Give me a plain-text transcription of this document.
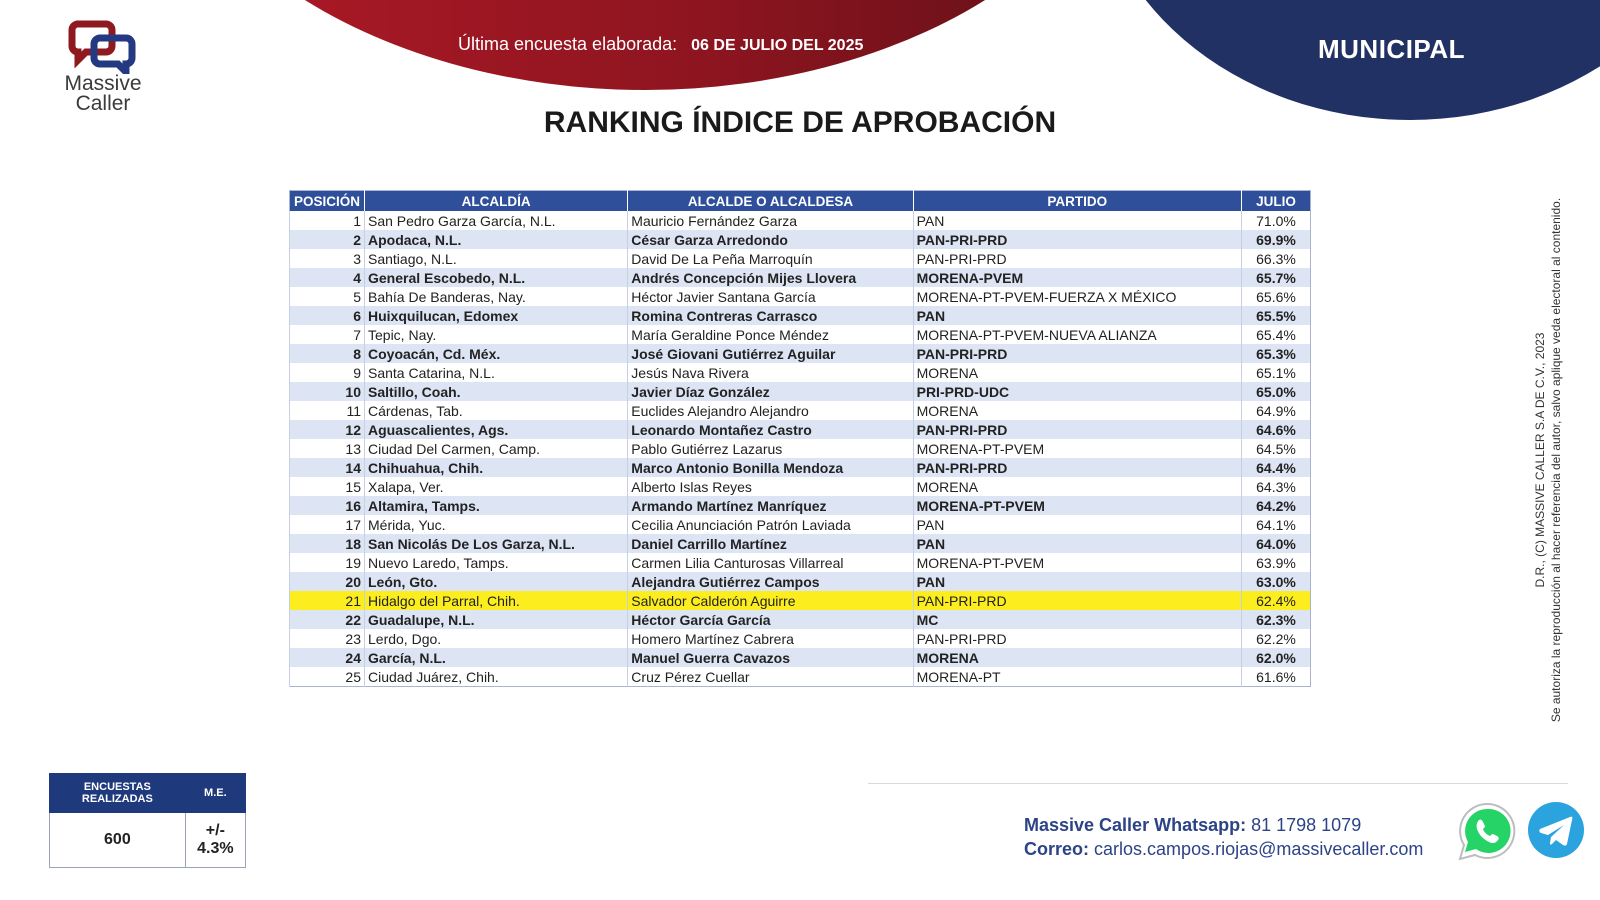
Última encuesta elaborada: 06 DE JULIO DEL 2025	MUNICIPAL
Massive
Caller
RANKING ÍNDICE DE APROBACIÓN
POSICIÓN	ALCALDÍA	ALCALDE O ALCALDESA	PARTIDO	JULIO
1	San Pedro Garza García, N.L.	Mauricio Fernández Garza	PAN	71.0%
2	Apodaca, N.L.	César Garza Arredondo	PAN-PRI-PRD	69.9%
3	Santiago, N.L.	David De La Peña Marroquín	PAN-PRI-PRD	66.3%
4	General Escobedo, N.L.	Andrés Concepción Mijes Llovera	MORENA-PVEM	65.7%
5	Bahía De Banderas, Nay.	Héctor Javier Santana García	MORENA-PT-PVEM-FUERZA X MÉXICO	65.6%
6	Huixquilucan, Edomex	Romina Contreras Carrasco	PAN	65.5%
7	Tepic, Nay.	María Geraldine Ponce Méndez	MORENA-PT-PVEM-NUEVA ALIANZA	65.4%
8	Coyoacán, Cd. Méx.	José Giovani Gutiérrez Aguilar	PAN-PRI-PRD	65.3%
9	Santa Catarina, N.L.	Jesús Nava Rivera	MORENA	65.1%
10	Saltillo, Coah.	Javier Díaz González	PRI-PRD-UDC	65.0%
11	Cárdenas, Tab.	Euclides Alejandro Alejandro	MORENA	64.9%
12	Aguascalientes, Ags.	Leonardo Montañez Castro	PAN-PRI-PRD	64.6%
13	Ciudad Del Carmen, Camp.	Pablo Gutiérrez Lazarus	MORENA-PT-PVEM	64.5%
14	Chihuahua, Chih.	Marco Antonio Bonilla Mendoza	PAN-PRI-PRD	64.4%
15	Xalapa, Ver.	Alberto Islas Reyes	MORENA	64.3%
16	Altamira, Tamps.	Armando Martínez Manríquez	MORENA-PT-PVEM	64.2%
17	Mérida, Yuc.	Cecilia Anunciación Patrón Laviada	PAN	64.1%
18	San Nicolás De Los Garza, N.L.	Daniel Carrillo Martínez	PAN	64.0%
19	Nuevo Laredo, Tamps.	Carmen Lilia Canturosas Villarreal	MORENA-PT-PVEM	63.9%
20	León, Gto.	Alejandra Gutiérrez Campos	PAN	63.0%
21	Hidalgo del Parral, Chih.	Salvador Calderón Aguirre	PAN-PRI-PRD	62.4%
22	Guadalupe, N.L.	Héctor García García	MC	62.3%
23	Lerdo, Dgo.	Homero Martínez Cabrera	PAN-PRI-PRD	62.2%
24	García, N.L.	Manuel Guerra Cavazos	MORENA	62.0%
25	Ciudad Juárez, Chih.	Cruz Pérez Cuellar	MORENA-PT	61.6%
D.R., (C) MASSIVE CALLER S.A DE C.V., 2023 Se autoriza la reproducción al hacer referencia del autor, salvo aplique veda electoral al contenido.
ENCUESTAS REALIZADAS	M.E.
600	+/- 4.3%
Massive Caller Whatsapp: 81 1798 1079
Correo: carlos.campos.riojas@massivecaller.com
